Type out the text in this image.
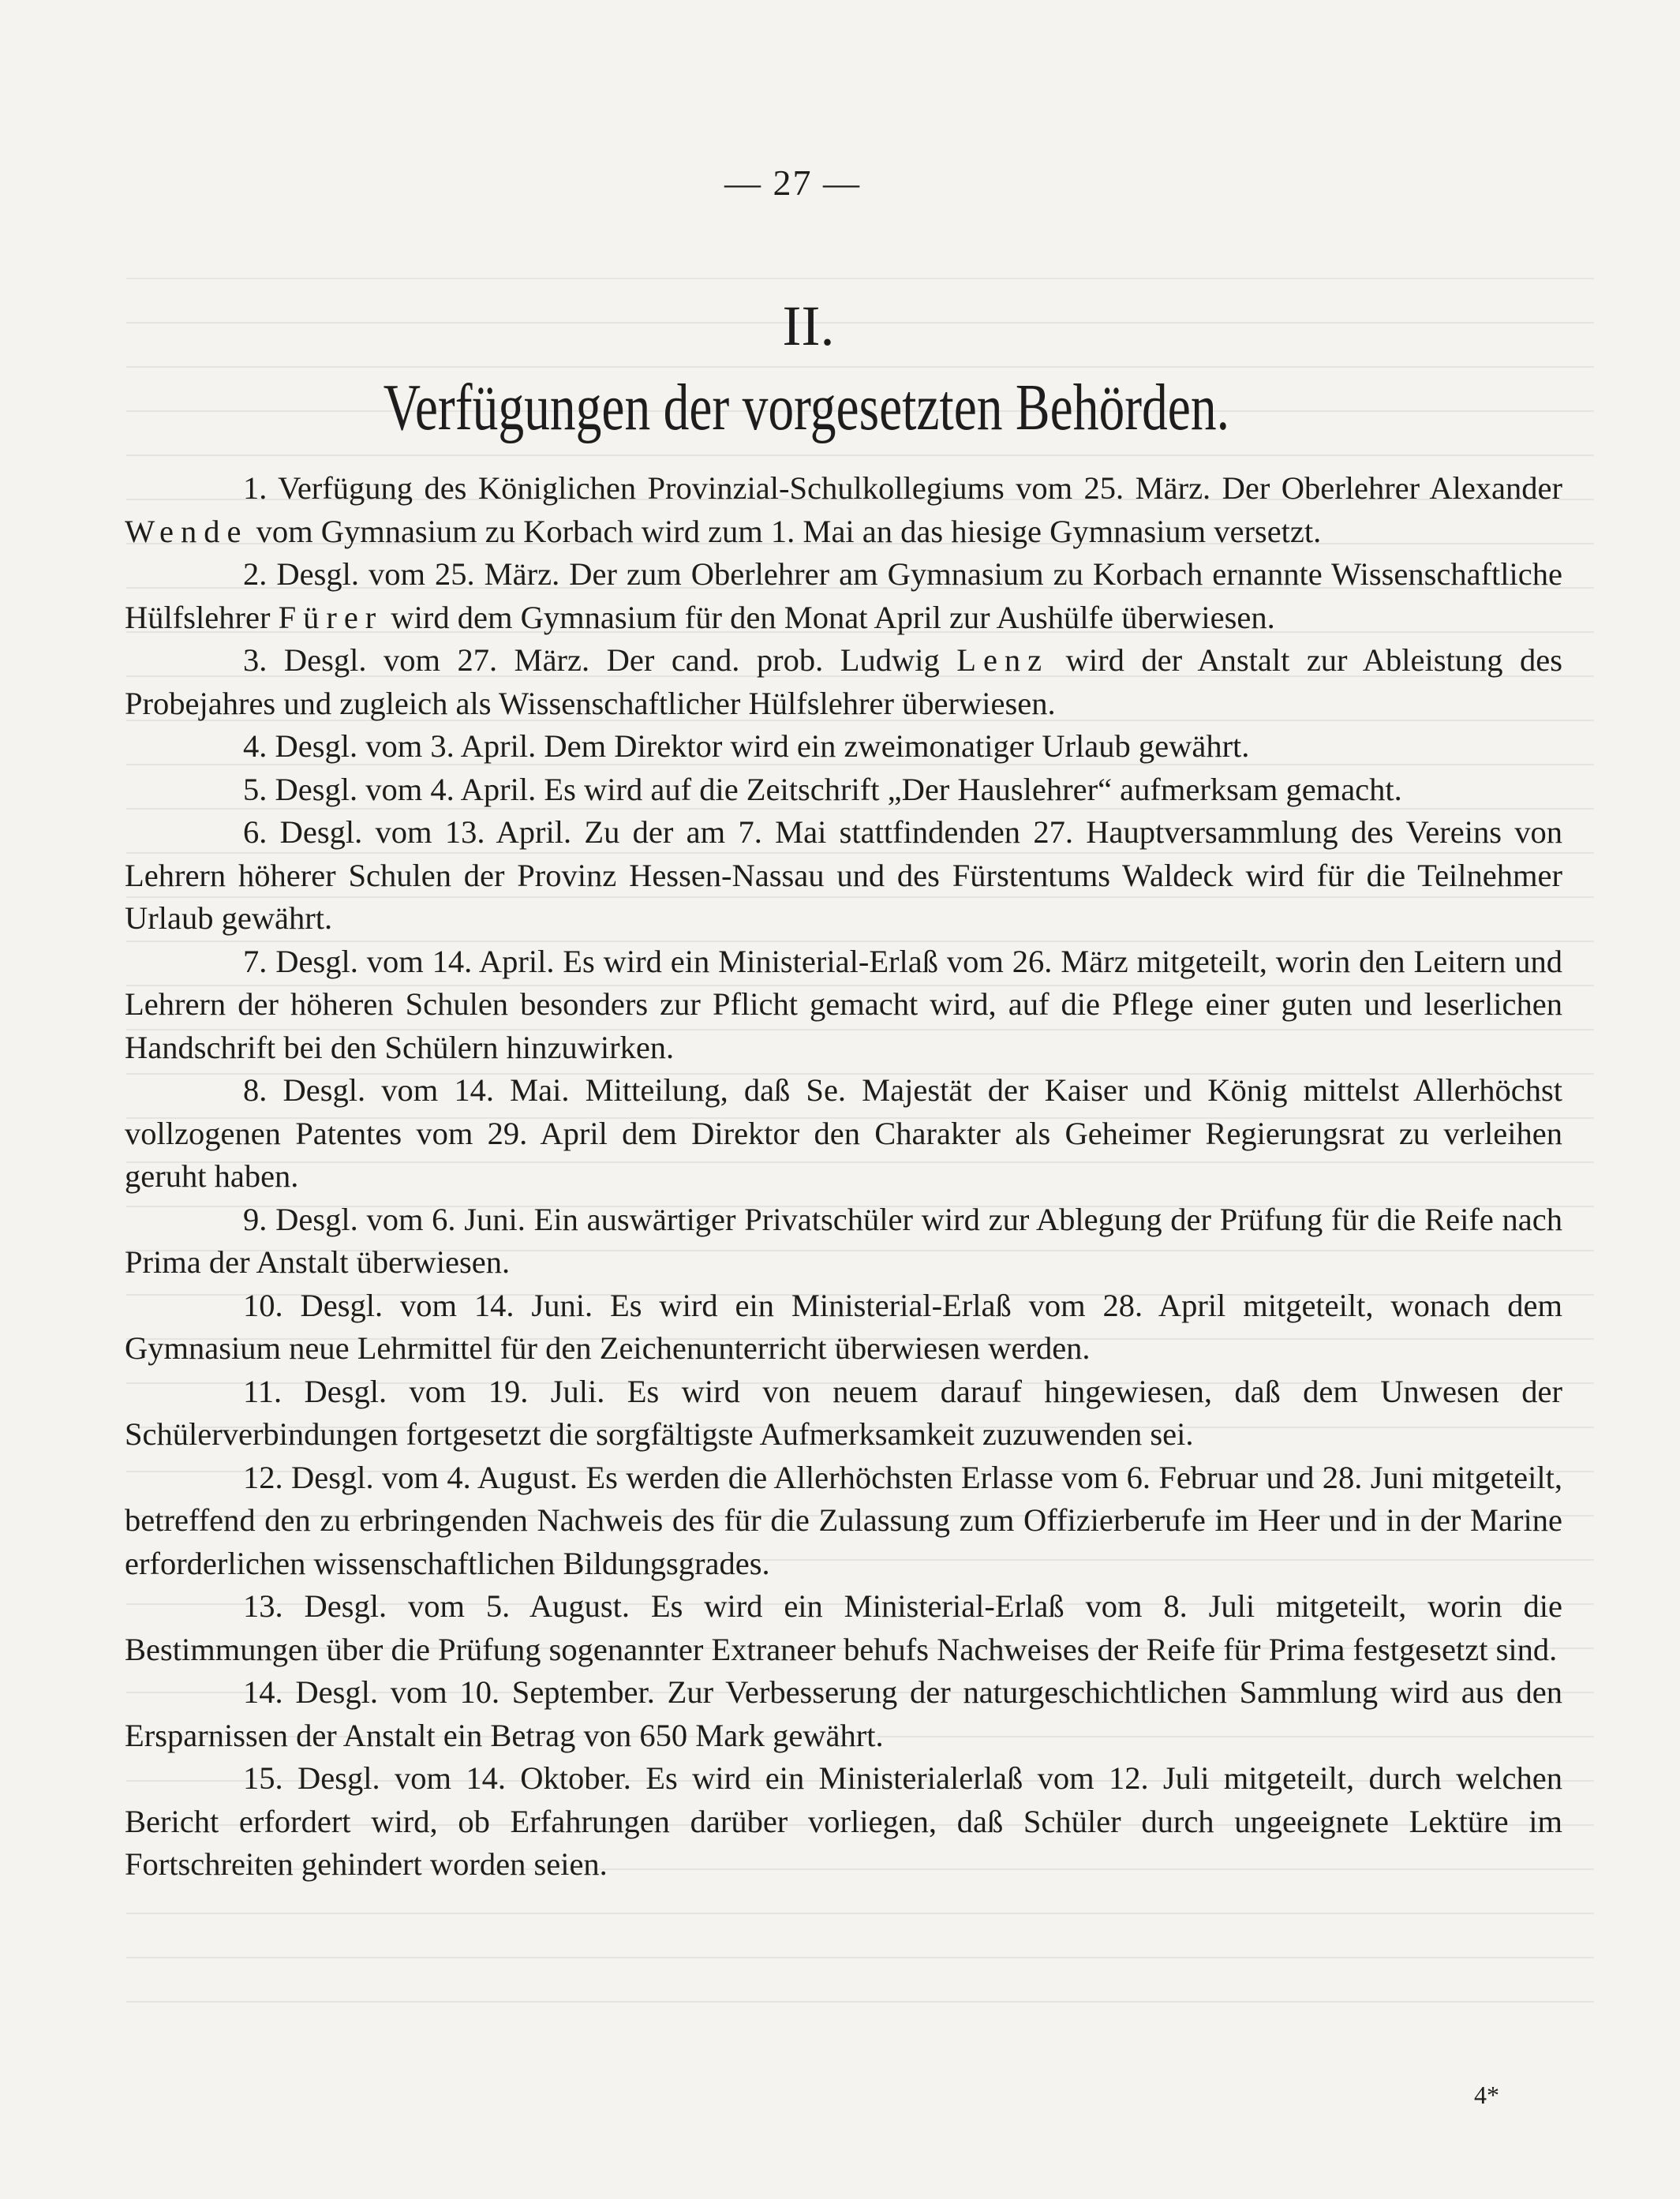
— 27 —
II.
Verfügungen der vorgesetzten Behörden.

1. Verfügung des Königlichen Provinzial-Schulkollegiums vom 25. März. Der Oberlehrer Alexander Wende vom Gymnasium zu Korbach wird zum 1. Mai an das hiesige Gymnasium versetzt.

2. Desgl. vom 25. März. Der zum Oberlehrer am Gymnasium zu Korbach ernannte Wissenschaftliche Hülfslehrer Fürer wird dem Gymnasium für den Monat April zur Aushülfe überwiesen.

3. Desgl. vom 27. März. Der cand. prob. Ludwig Lenz wird der Anstalt zur Ableistung des Probejahres und zugleich als Wissenschaftlicher Hülfslehrer überwiesen.

4. Desgl. vom 3. April. Dem Direktor wird ein zweimonatiger Urlaub gewährt.

5. Desgl. vom 4. April. Es wird auf die Zeitschrift „Der Hauslehrer“ aufmerksam gemacht.

6. Desgl. vom 13. April. Zu der am 7. Mai stattfindenden 27. Hauptversammlung des Vereins von Lehrern höherer Schulen der Provinz Hessen-Nassau und des Fürstentums Waldeck wird für die Teilnehmer Urlaub gewährt.

7. Desgl. vom 14. April. Es wird ein Ministerial-Erlaß vom 26. März mitgeteilt, worin den Leitern und Lehrern der höheren Schulen besonders zur Pflicht gemacht wird, auf die Pflege einer guten und leserlichen Handschrift bei den Schülern hinzuwirken.

8. Desgl. vom 14. Mai. Mitteilung, daß Se. Majestät der Kaiser und König mittelst Allerhöchst vollzogenen Patentes vom 29. April dem Direktor den Charakter als Geheimer Regierungsrat zu verleihen geruht haben.

9. Desgl. vom 6. Juni. Ein auswärtiger Privatschüler wird zur Ablegung der Prüfung für die Reife nach Prima der Anstalt überwiesen.

10. Desgl. vom 14. Juni. Es wird ein Ministerial-Erlaß vom 28. April mitgeteilt, wonach dem Gymnasium neue Lehrmittel für den Zeichenunterricht überwiesen werden.

11. Desgl. vom 19. Juli. Es wird von neuem darauf hingewiesen, daß dem Unwesen der Schülerverbindungen fortgesetzt die sorgfältigste Aufmerksamkeit zuzuwenden sei.

12. Desgl. vom 4. August. Es werden die Allerhöchsten Erlasse vom 6. Februar und 28. Juni mitgeteilt, betreffend den zu erbringenden Nachweis des für die Zulassung zum Offizierberufe im Heer und in der Marine erforderlichen wissenschaftlichen Bildungsgrades.

13. Desgl. vom 5. August. Es wird ein Ministerial-Erlaß vom 8. Juli mitgeteilt, worin die Bestimmungen über die Prüfung sogenannter Extraneer behufs Nachweises der Reife für Prima festgesetzt sind.

14. Desgl. vom 10. September. Zur Verbesserung der naturgeschichtlichen Sammlung wird aus den Ersparnissen der Anstalt ein Betrag von 650 Mark gewährt.

15. Desgl. vom 14. Oktober. Es wird ein Ministerialerlaß vom 12. Juli mitgeteilt, durch welchen Bericht erfordert wird, ob Erfahrungen darüber vorliegen, daß Schüler durch ungeeignete Lektüre im Fortschreiten gehindert worden seien.

4*
